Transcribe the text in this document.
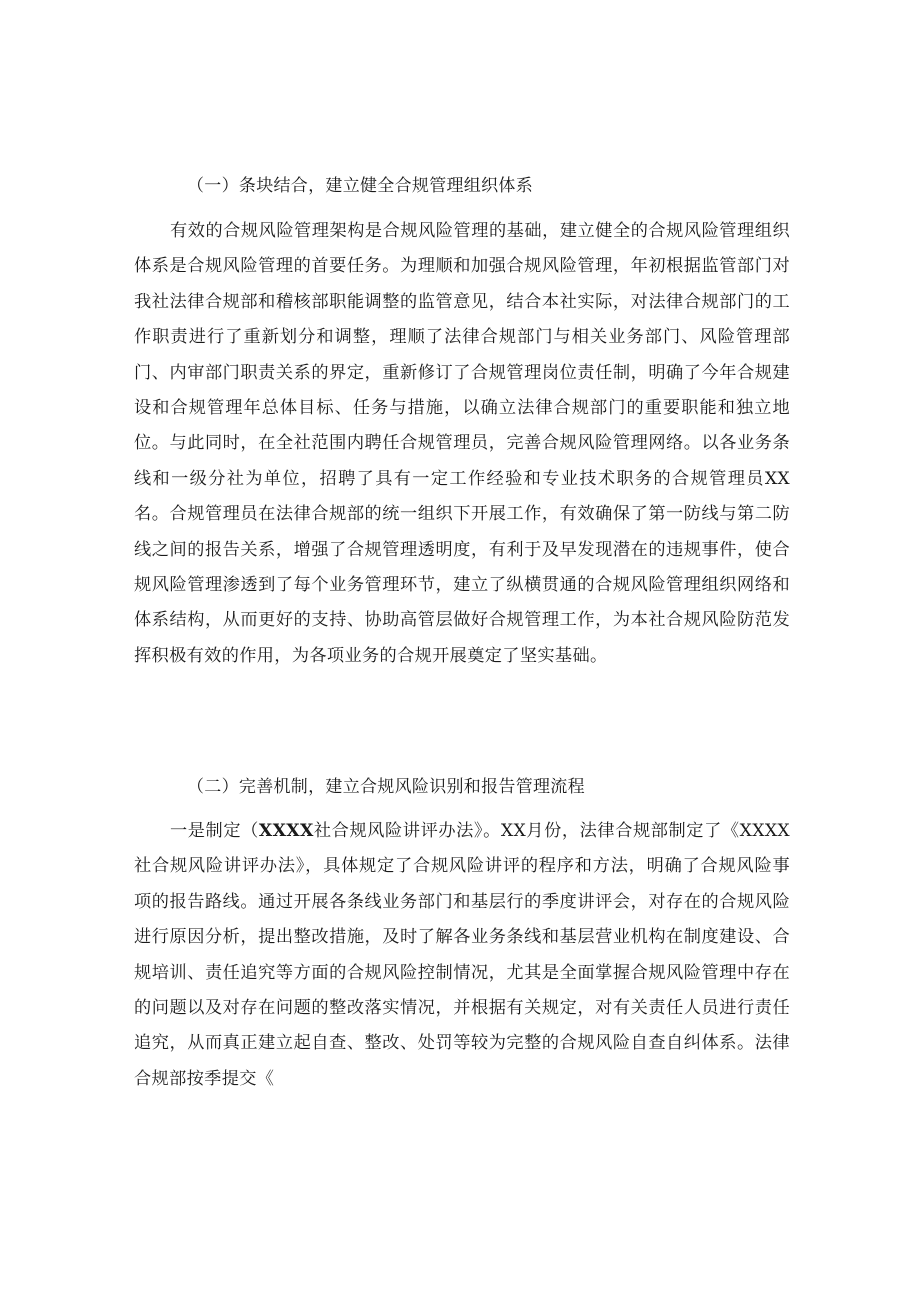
（一）条块结合，建立健全合规管理组织体系

有效的合规风险管理架构是合规风险管理的基础，建立健全的合规风险管理组织体系是合规风险管理的首要任务。为理顺和加强合规风险管理，年初根据监管部门对我社法律合规部和稽核部职能调整的监管意见，结合本社实际，对法律合规部门的工作职责进行了重新划分和调整，理顺了法律合规部门与相关业务部门、风险管理部门、内审部门职责关系的界定，重新修订了合规管理岗位责任制，明确了今年合规建设和合规管理年总体目标、任务与措施，以确立法律合规部门的重要职能和独立地位。与此同时，在全社范围内聘任合规管理员，完善合规风险管理网络。以各业务条线和一级分社为单位，招聘了具有一定工作经验和专业技术职务的合规管理员XX名。合规管理员在法律合规部的统一组织下开展工作，有效确保了第一防线与第二防线之间的报告关系，增强了合规管理透明度，有利于及早发现潜在的违规事件，使合规风险管理渗透到了每个业务管理环节，建立了纵横贯通的合规风险管理组织网络和体系结构，从而更好的支持、协助高管层做好合规管理工作，为本社合规风险防范发挥积极有效的作用，为各项业务的合规开展奠定了坚实基础。

（二）完善机制，建立合规风险识别和报告管理流程

一是制定（XXXX社合规风险讲评办法》。XX月份，法律合规部制定了《XXXX社合规风险讲评办法》，具体规定了合规风险讲评的程序和方法，明确了合规风险事项的报告路线。通过开展各条线业务部门和基层行的季度讲评会，对存在的合规风险进行原因分析，提出整改措施，及时了解各业务条线和基层营业机构在制度建设、合规培训、责任追究等方面的合规风险控制情况，尤其是全面掌握合规风险管理中存在的问题以及对存在问题的整改落实情况，并根据有关规定，对有关责任人员进行责任追究，从而真正建立起自查、整改、处罚等较为完整的合规风险自查自纠体系。法律合规部按季提交《
